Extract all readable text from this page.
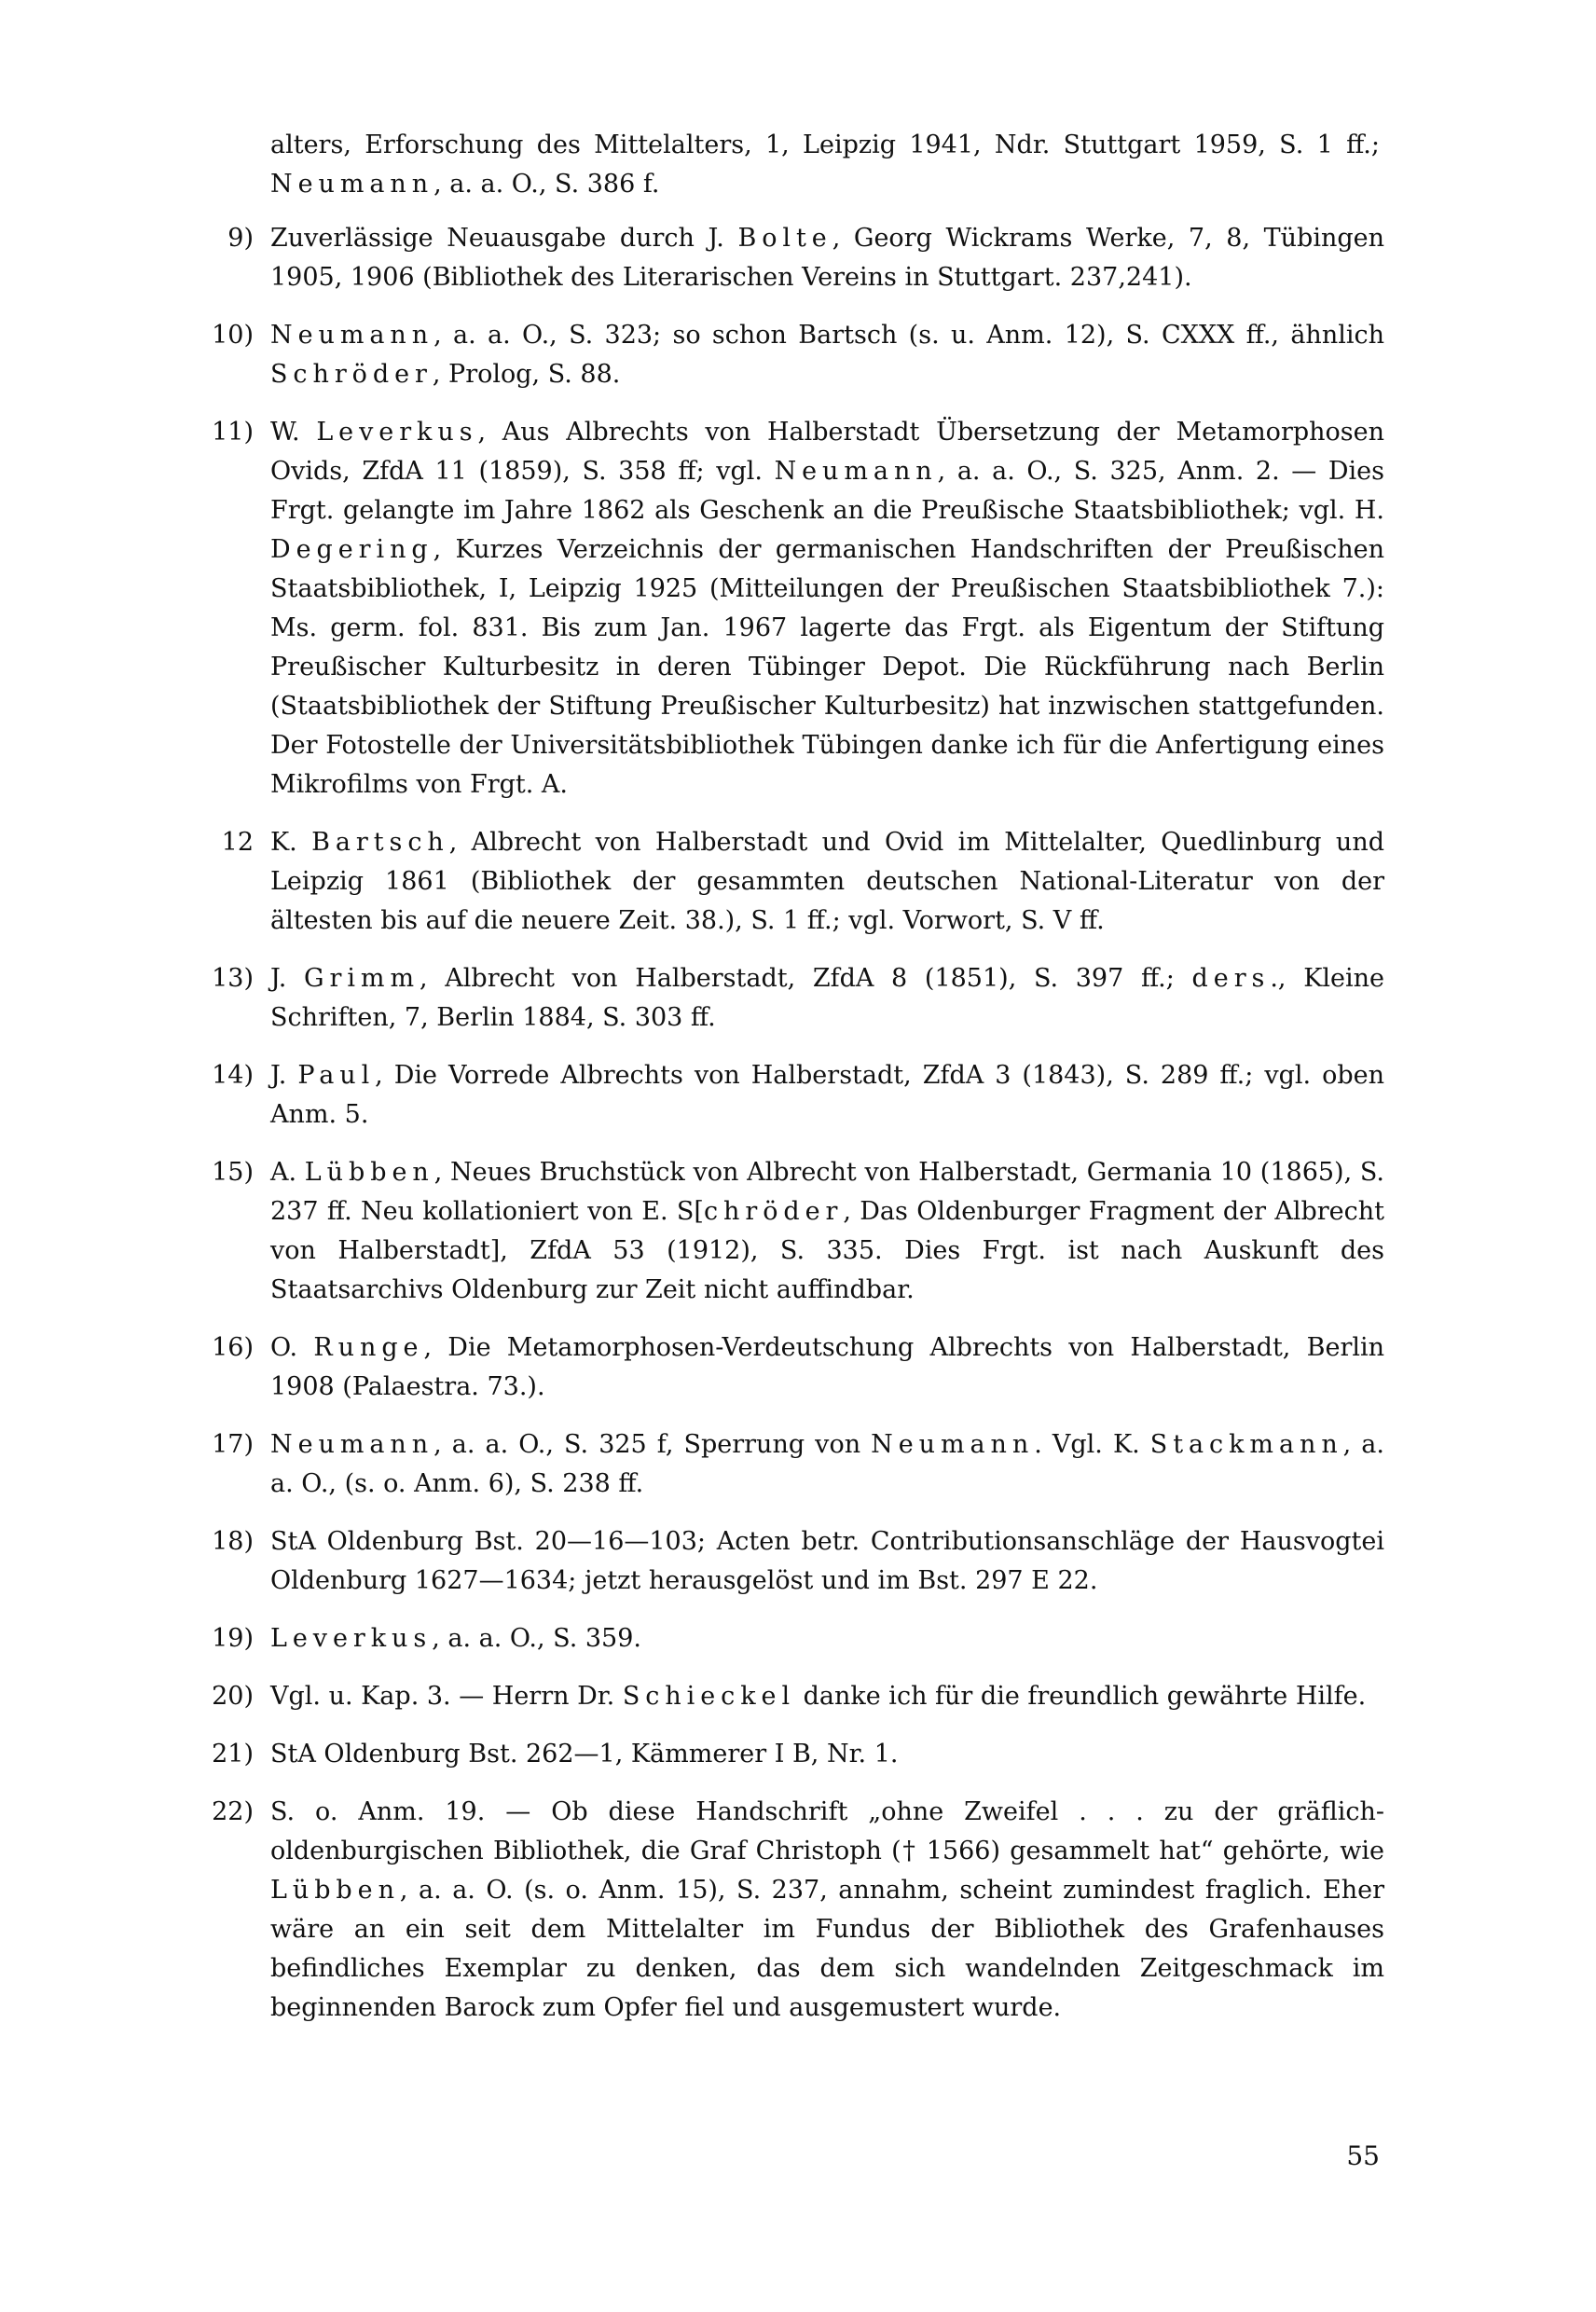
alters, Erforschung des Mittelalters, 1, Leipzig 1941, Ndr. Stuttgart 1959, S. 1 ff.; Neumann, a. a. O., S. 386 f.

9) Zuverlässige Neuausgabe durch J. Bolte, Georg Wickrams Werke, 7, 8, Tübingen 1905, 1906 (Bibliothek des Literarischen Vereins in Stuttgart. 237,241).
10) Neumann, a. a. O., S. 323; so schon Bartsch (s. u. Anm. 12), S. CXXX ff., ähnlich Schröder, Prolog, S. 88.
11) W. Leverkus, Aus Albrechts von Halberstadt Übersetzung der Metamorphosen Ovids, ZfdA 11 (1859), S. 358 ff; vgl. Neumann, a. a. O., S. 325, Anm. 2. — Dies Frgt. gelangte im Jahre 1862 als Geschenk an die Preußische Staatsbibliothek; vgl. H. Degering, Kurzes Verzeichnis der germanischen Handschriften der Preußischen Staatsbibliothek, I, Leipzig 1925 (Mitteilungen der Preußischen Staatsbibliothek 7.): Ms. germ. fol. 831. Bis zum Jan. 1967 lagerte das Frgt. als Eigentum der Stiftung Preußischer Kulturbesitz in deren Tübinger Depot. Die Rückführung nach Berlin (Staatsbibliothek der Stiftung Preußischer Kulturbesitz) hat inzwischen stattgefunden. Der Fotostelle der Universitätsbibliothek Tübingen danke ich für die Anfertigung eines Mikrofilms von Frgt. A.
12 K. Bartsch, Albrecht von Halberstadt und Ovid im Mittelalter, Quedlinburg und Leipzig 1861 (Bibliothek der gesammten deutschen National-Literatur von der ältesten bis auf die neuere Zeit. 38.), S. 1 ff.; vgl. Vorwort, S. V ff.
13) J. Grimm, Albrecht von Halberstadt, ZfdA 8 (1851), S. 397 ff.; ders., Kleine Schriften, 7, Berlin 1884, S. 303 ff.
14) J. Paul, Die Vorrede Albrechts von Halberstadt, ZfdA 3 (1843), S. 289 ff.; vgl. oben Anm. 5.
15) A. Lübben, Neues Bruchstück von Albrecht von Halberstadt, Germania 10 (1865), S. 237 ff. Neu kollationiert von E. S[chröder, Das Oldenburger Fragment der Albrecht von Halberstadt], ZfdA 53 (1912), S. 335. Dies Frgt. ist nach Auskunft des Staatsarchivs Oldenburg zur Zeit nicht auffindbar.
16) O. Runge, Die Metamorphosen-Verdeutschung Albrechts von Halberstadt, Berlin 1908 (Palaestra. 73.).
17) Neumann, a. a. O., S. 325 f, Sperrung von Neumann. Vgl. K. Stackmann, a. a. O., (s. o. Anm. 6), S. 238 ff.
18) StA Oldenburg Bst. 20—16—103; Acten betr. Contributionsanschläge der Hausvogtei Oldenburg 1627—1634; jetzt herausgelöst und im Bst. 297 E 22.
19) Leverkus, a. a. O., S. 359.
20) Vgl. u. Kap. 3. — Herrn Dr. Schieckel danke ich für die freundlich gewährte Hilfe.
21) StA Oldenburg Bst. 262—1, Kämmerer I B, Nr. 1.
22) S. o. Anm. 19. — Ob diese Handschrift „ohne Zweifel . . . zu der gräflich-oldenburgischen Bibliothek, die Graf Christoph († 1566) gesammelt hat“ gehörte, wie Lübben, a. a. O. (s. o. Anm. 15), S. 237, annahm, scheint zumindest fraglich. Eher wäre an ein seit dem Mittelalter im Fundus der Bibliothek des Grafenhauses befindliches Exemplar zu denken, das dem sich wandelnden Zeitgeschmack im beginnenden Barock zum Opfer fiel und ausgemustert wurde.
55
